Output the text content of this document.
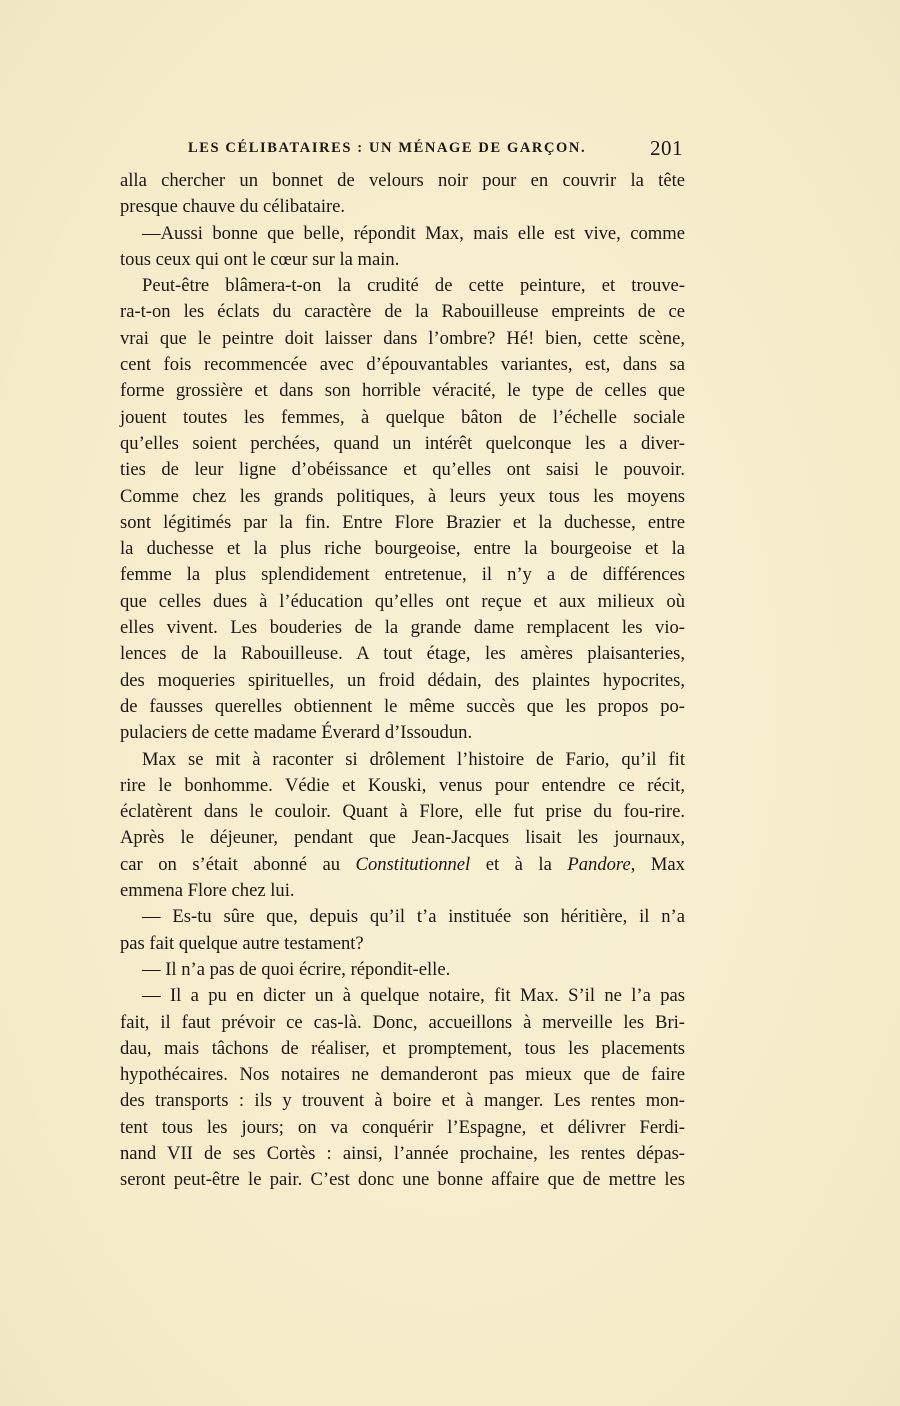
LES CÉLIBATAIRES : UN MÉNAGE DE GARÇON.	201
alla chercher un bonnet de velours noir pour en couvrir la tête
presque chauve du célibataire.
—Aussi bonne que belle, répondit Max, mais elle est vive, comme
tous ceux qui ont le cœur sur la main.
Peut-être blâmera-t-on la crudité de cette peinture, et trouve-
ra-t-on les éclats du caractère de la Rabouilleuse empreints de ce
vrai que le peintre doit laisser dans l’ombre? Hé! bien, cette scène,
cent fois recommencée avec d’épouvantables variantes, est, dans sa
forme grossière et dans son horrible véracité, le type de celles que
jouent toutes les femmes, à quelque bâton de l’échelle sociale
qu’elles soient perchées, quand un intérêt quelconque les a diver-
ties de leur ligne d’obéissance et qu’elles ont saisi le pouvoir.
Comme chez les grands politiques, à leurs yeux tous les moyens
sont légitimés par la fin. Entre Flore Brazier et la duchesse, entre
la duchesse et la plus riche bourgeoise, entre la bourgeoise et la
femme la plus splendidement entretenue, il n’y a de différences
que celles dues à l’éducation qu’elles ont reçue et aux milieux où
elles vivent. Les bouderies de la grande dame remplacent les vio-
lences de la Rabouilleuse. A tout étage, les amères plaisanteries,
des moqueries spirituelles, un froid dédain, des plaintes hypocrites,
de fausses querelles obtiennent le même succès que les propos po-
pulaciers de cette madame Éverard d’Issoudun.
Max se mit à raconter si drôlement l’histoire de Fario, qu’il fit
rire le bonhomme. Védie et Kouski, venus pour entendre ce récit,
éclatèrent dans le couloir. Quant à Flore, elle fut prise du fou-rire.
Après le déjeuner, pendant que Jean-Jacques lisait les journaux,
car on s’était abonné au Constitutionnel et à la Pandore, Max
emmena Flore chez lui.
— Es-tu sûre que, depuis qu’il t’a instituée son héritière, il n’a
pas fait quelque autre testament?
— Il n’a pas de quoi écrire, répondit-elle.
— Il a pu en dicter un à quelque notaire, fit Max. S’il ne l’a pas
fait, il faut prévoir ce cas-là. Donc, accueillons à merveille les Bri-
dau, mais tâchons de réaliser, et promptement, tous les placements
hypothécaires. Nos notaires ne demanderont pas mieux que de faire
des transports : ils y trouvent à boire et à manger. Les rentes mon-
tent tous les jours; on va conquérir l’Espagne, et délivrer Ferdi-
nand VII de ses Cortès : ainsi, l’année prochaine, les rentes dépas-
seront peut-être le pair. C’est donc une bonne affaire que de mettre les
